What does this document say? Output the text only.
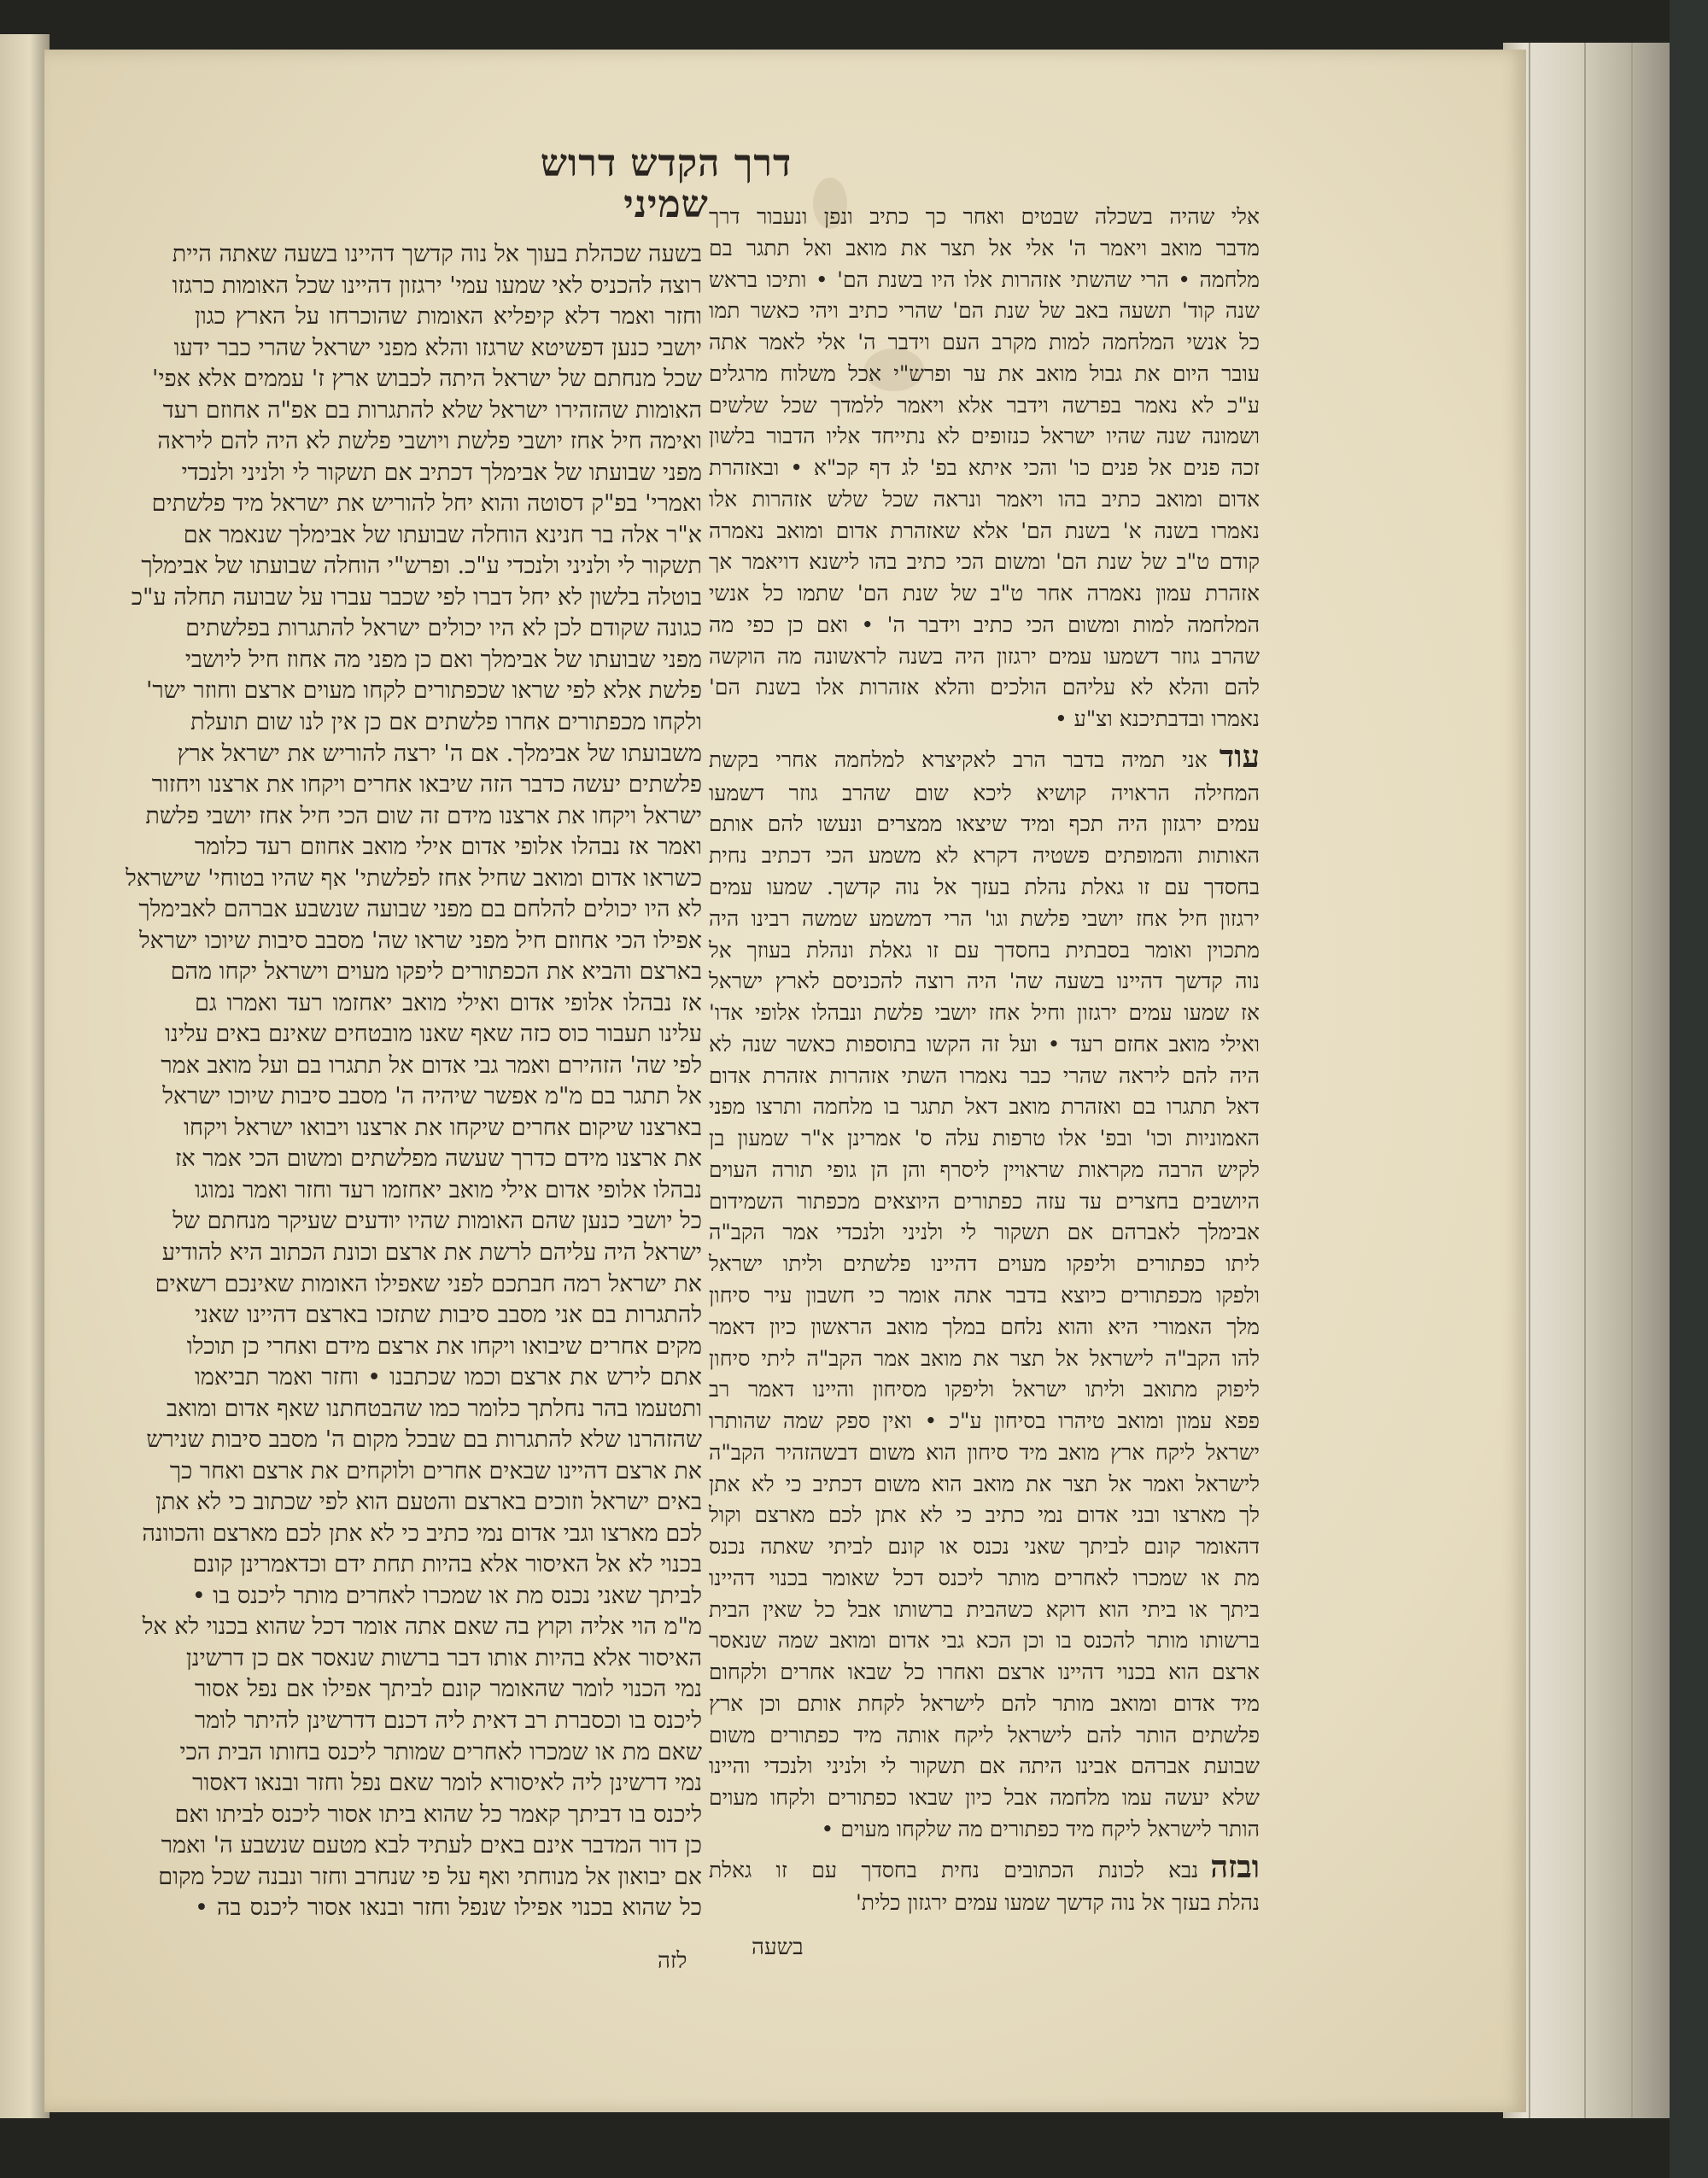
דרך הקדש דרוש שמיני
בשעה שכהלת בעוך אל נוה קדשך דהיינו בשעה שאתה היית
רוצה להכניס לאי שמעו עמי' ירגזון דהיינו שכל האומות כרגזו
וחזר ואמר דלא קיפליא האומות שהוכרחו על הארץ כגון
יושבי כנען דפשיטא שרגזו והלא מפני ישראל שהרי כבר ידעו
שכל מנחתם של ישראל היתה לכבוש ארץ ז' עממים אלא אפי'
האומות שהזהירו ישראל שלא להתגרות בם אפ"ה אחוזם רעד
ואימה חיל אחז יושבי פלשת ויושבי פלשת לא היה להם ליראה
מפני שבועתו של אבימלך דכתיב אם תשקור לי ולניני ולנכדי
ואמרי' בפ"ק דסוטה והוא יחל להוריש את ישראל מיד פלשתים
א"ר אלה בר חנינא הוחלה שבועתו של אבימלך שנאמר אם
תשקור לי ולניני ולנכדי ע"כ. ופרש"י הוחלה שבועתו של אבימלך
בוטלה בלשון לא יחל דברו לפי שכבר עברו על שבועה תחלה ע"כ
כגונה שקודם לכן לא היו יכולים ישראל להתגרות בפלשתים
מפני שבועתו של אבימלך ואם כן מפני מה אחוז חיל ליושבי
פלשת אלא לפי שראו שכפתורים לקחו מעוים ארצם וחוזר ישר'
ולקחו מכפתורים אחרו פלשתים אם כן אין לנו שום תועלת
משבועתו של אבימלך. אם ה' ירצה להוריש את ישראל ארץ
פלשתים יעשה כדבר הזה שיבאו אחרים ויקחו את ארצנו ויחזור
ישראל ויקחו את ארצנו מידם זה שום הכי חיל אחז יושבי פלשת
ואמר אז נבהלו אלופי אדום אילי מואב אחוזם רעד כלומר
כשראו אדום ומואב שחיל אחז לפלשתי' אף שהיו בטוחי' שישראל
לא היו יכולים להלחם בם מפני שבועה שנשבע אברהם לאבימלך
אפילו הכי אחוזם חיל מפני שראו שה' מסבב סיבות שיוכו ישראל
בארצם והביא את הכפתורים ליפקו מעוים וישראל יקחו מהם
אז נבהלו אלופי אדום ואילי מואב יאחזמו רעד ואמרו גם
עלינו תעבור כוס כזה שאף שאנו מובטחים שאינם באים עלינו
לפי שה' הזהירם ואמר גבי אדום אל תתגרו בם ועל מואב אמר
אל תתגר בם מ"מ אפשר שיהיה ה' מסבב סיבות שיוכו ישראל
בארצנו שיקום אחרים שיקחו את ארצנו ויבואו ישראל ויקחו
את ארצנו מידם כדרך שעשה מפלשתים ומשום הכי אמר אז
נבהלו אלופי אדום אילי מואב יאחזמו רעד וחזר ואמר נמוגו
כל יושבי כנען שהם האומות שהיו יודעים שעיקר מנחתם של
ישראל היה עליהם לרשת את ארצם וכונת הכתוב היא להודיע
את ישראל רמה חבתכם לפני שאפילו האומות שאינכם רשאים
להתגרות בם אני מסבב סיבות שתזכו בארצם דהיינו שאני
מקים אחרים שיבואו ויקחו את ארצם מידם ואחרי כן תוכלו
אתם לירש את ארצם וכמו שכתבנו • וחזר ואמר תביאמו
ותטעמו בהר נחלתך כלומר כמו שהבטחתנו שאף אדום ומואב
שהזהרנו שלא להתגרות בם שבכל מקום ה' מסבב סיבות שנירש
את ארצם דהיינו שבאים אחרים ולוקחים את ארצם ואחר כך
באים ישראל וזוכים בארצם והטעם הוא לפי שכתוב כי לא אתן
לכם מארצו וגבי אדום נמי כתיב כי לא אתן לכם מארצם והכוונה
בכנוי לא אל האיסור אלא בהיות תחת ידם וכדאמרינן קונם
לביתך שאני נכנס מת או שמכרו לאחרים מותר ליכנס בו •
מ"מ הוי אליה וקוץ בה שאם אתה אומר דכל שהוא בכנוי לא אל
האיסור אלא בהיות אותו דבר ברשות שנאסר אם כן דרשינן
נמי הכנוי לומר שהאומר קונם לביתך אפילו אם נפל אסור
ליכנס בו וכסברת רב דאית ליה דכנם דדרשינן להיתר לומר
שאם מת או שמכרו לאחרים שמותר ליכנס בחותו הבית הכי
נמי דרשינן ליה לאיסורא לומר שאם נפל וחזר ובנאו דאסור
ליכנס בו דביתך קאמר כל שהוא ביתו אסור ליכנס לביתו ואם
כן דור המדבר אינם באים לעתיד לבא מטעם שנשבע ה' ואמר
אם יבואון אל מנוחתי ואף על פי שנחרב וחזר ונבנה שכל מקום
כל שהוא בכנוי אפילו שנפל וחזר ובנאו אסור ליכנס בה •
אלי שהיה בשכלה שבטים ואחר כך כתיב ונפן ונעבור דרך
מדבר מואב ויאמר ה' אלי אל תצר את מואב ואל תתגר בם
מלחמה • הרי שהשתי אזהרות אלו היו בשנת הם' • ותיכו בראש
שנה קוד' תשעה באב של שנת הם' שהרי כתיב ויהי כאשר תמו
כל אנשי המלחמה למות מקרב העם וידבר ה' אלי לאמר אתה
עובר היום את גבול מואב את ער ופרש"י אכל משלוח מרגלים
ע"כ לא נאמר בפרשה וידבר אלא ויאמר ללמדך שכל שלשים
ושמונה שנה שהיו ישראל כנזופים לא נתייחד אליו הדבור בלשון
זכה פנים אל פנים כו' והכי איתא בפ' לג דף קכ"א • ובאזהרת
אדום ומואב כתיב בהו ויאמר ונראה שכל שלש אזהרות אלו
נאמרו בשנה א' בשנת הם' אלא שאזהרת אדום ומואב נאמרה
קודם ט"ב של שנת הם' ומשום הכי כתיב בהו לישנא דויאמר אך
אזהרת עמון נאמרה אחר ט"ב של שנת הם' שתמו כל אנשי
המלחמה למות ומשום הכי כתיב וידבר ה' • ואם כן כפי מה
שהרב גוזר דשמעו עמים ירגזון היה בשנה לראשונה מה הוקשה
להם והלא לא עליהם הולכים והלא אזהרות אלו בשנת הם'
נאמרו ובדבתיכנא וצ"ע •
עודאני תמיה בדבר הרב לאקיצרא למלחמה אחרי בקשת
המחילה הראויה קושיא ליכא שום שהרב גוזר דשמעו
עמים ירגזון היה תכף ומיד שיצאו ממצרים ונעשו להם אותם
האותות והמופתים פשטיה דקרא לא משמע הכי דכתיב נחית
בחסדך עם זו גאלת נהלת בעזך אל נוה קדשך. שמעו עמים
ירגזון חיל אחז יושבי פלשת וגו' הרי דמשמע שמשה רבינו היה
מתכוין ואומר בסבתית בחסדך עם זו גאלת ונהלת בעוזך אל
נוה קדשך דהיינו בשעה שה' היה רוצה להכניסם לארץ ישראל
אז שמעו עמים ירגזון וחיל אחז יושבי פלשת ונבהלו אלופי אדו'
ואילי מואב אחזם רעד • ועל זה הקשו בתוספות כאשר שנה לא
היה להם ליראה שהרי כבר נאמרו השתי אזהרות אזהרת אדום
דאל תתגרו בם ואזהרת מואב דאל תתגר בו מלחמה ותרצו מפני
האמוניות וכו' ובפ' אלו טרפות עלה ס' אמרינן א"ר שמעון בן
לקיש הרבה מקראות שראויין ליסרף והן הן גופי תורה העוים
היושבים בחצרים עד עזה כפתורים היוצאים מכפתור השמידום
אבימלך לאברהם אם תשקור לי ולניני ולנכדי אמר הקב"ה
ליתו כפתורים וליפקו מעוים דהיינו פלשתים וליתו ישראל
ולפקו מכפתורים כיוצא בדבר אתה אומר כי חשבון עיר סיחון
מלך האמורי היא והוא נלחם במלך מואב הראשון כיון דאמר
להו הקב"ה לישראל אל תצר את מואב אמר הקב"ה ליתי סיחון
ליפוק מתואב וליתו ישראל וליפקו מסיחון והיינו דאמר רב
פפא עמון ומואב טיהרו בסיחון ע"כ • ואין ספק שמה שהותרו
ישראל ליקח ארץ מואב מיד סיחון הוא משום דבשהזהיר הקב"ה
לישראל ואמר אל תצר את מואב הוא משום דכתיב כי לא אתן
לך מארצו ובני אדום נמי כתיב כי לא אתן לכם מארצם וקול
דהאומר קונם לביתך שאני נכנס או קונם לביתי שאתה נכנס
מת או שמכרו לאחרים מותר ליכנס דכל שאומר בכנוי דהיינו
ביתך או ביתי הוא דוקא כשהבית ברשותו אבל כל שאין הבית
ברשותו מותר להכנס בו וכן הכא גבי אדום ומואב שמה שנאסר
ארצם הוא בכנוי דהיינו ארצם ואחרו כל שבאו אחרים ולקחום
מיד אדום ומואב מותר להם לישראל לקחת אותם וכן ארץ
פלשתים הותר להם לישראל ליקח אותה מיד כפתורים משום
שבועת אברהם אבינו היתה אם תשקור לי ולניני ולנכדי והיינו
שלא יעשה עמו מלחמה אבל כיון שבאו כפתורים ולקחו מעוים
הותר לישראל ליקח מיד כפתורים מה שלקחו מעוים •
ובזהנבא לכונת הכתובים נחית בחסדך עם זו גאלת
נהלת בעזך אל נוה קדשך שמעו עמים ירגזון כלית'
לזה
בשעה
